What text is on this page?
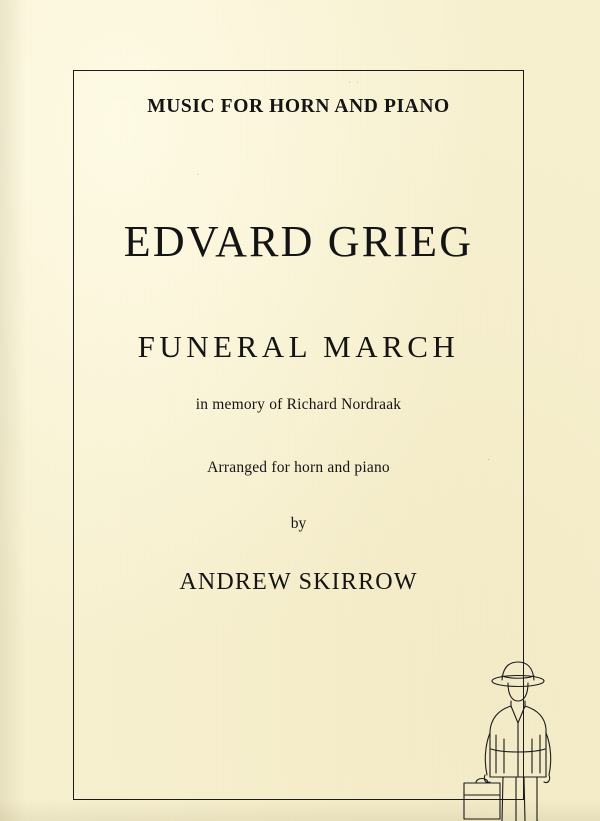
MUSIC FOR HORN AND PIANO
EDVARD GRIEG
FUNERAL MARCH
in memory of Richard Nordraak
Arranged for horn and piano
by
ANDREW SKIRROW
· ·
·
·
